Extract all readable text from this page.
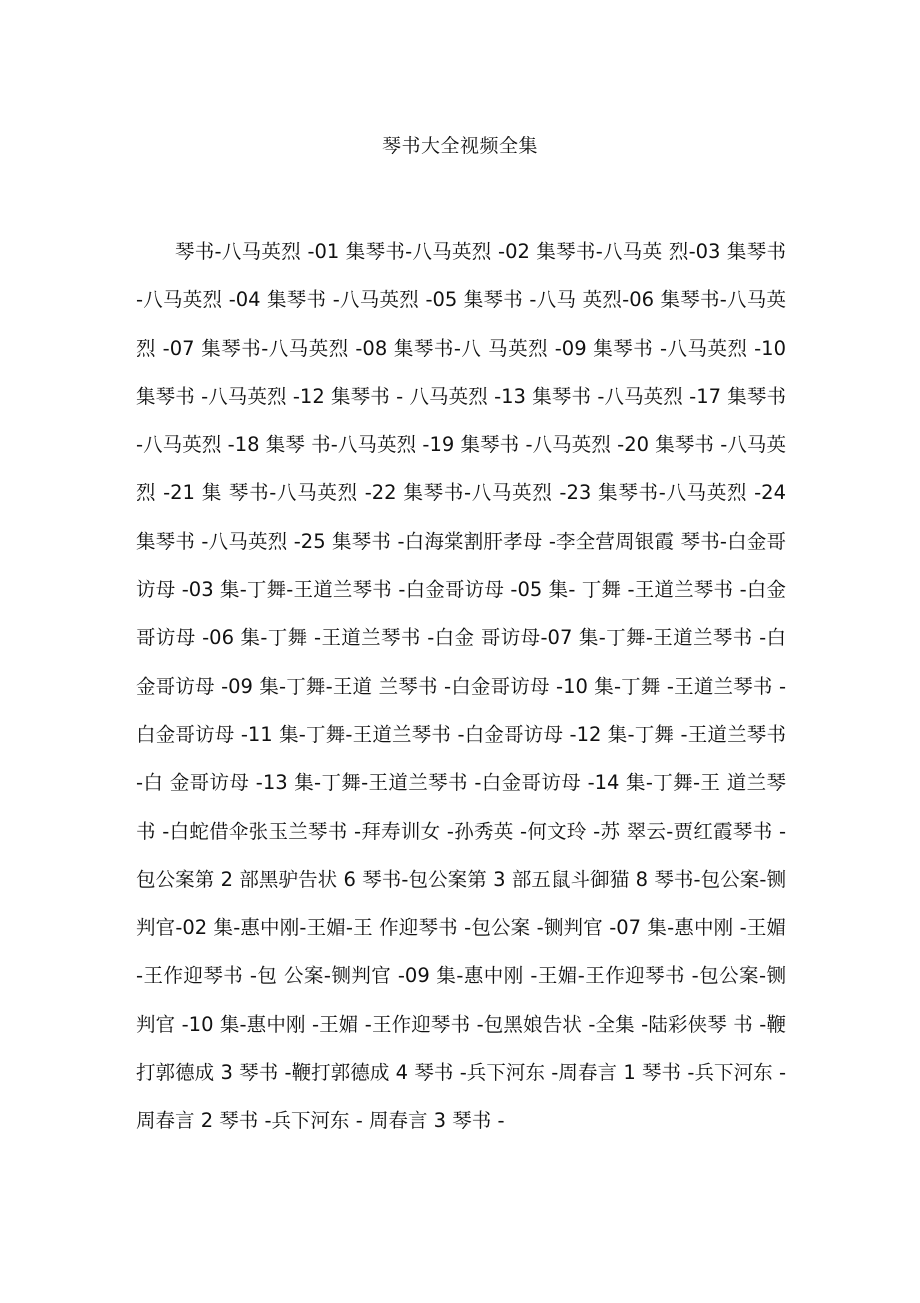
琴书大全视频全集

琴书-八马英烈 -01 集琴书-八马英烈 -02 集琴书-八马英 烈-03 集琴书 -八马英烈 -04 集琴书 -八马英烈 -05 集琴书 -八马 英烈-06 集琴书-八马英烈 -07 集琴书-八马英烈 -08 集琴书-八 马英烈 -09 集琴书 -八马英烈 -10 集琴书 -八马英烈 -12 集琴书 - 八马英烈 -13 集琴书 -八马英烈 -17 集琴书 -八马英烈 -18 集琴 书-八马英烈 -19 集琴书 -八马英烈 -20 集琴书 -八马英烈 -21 集 琴书-八马英烈 -22 集琴书-八马英烈 -23 集琴书-八马英烈 -24 集琴书 -八马英烈 -25 集琴书 -白海棠割肝孝母 -李全营周银霞 琴书-白金哥访母 -03 集-丁舞-王道兰琴书 -白金哥访母 -05 集- 丁舞 -王道兰琴书 -白金哥访母 -06 集-丁舞 -王道兰琴书 -白金 哥访母-07 集-丁舞-王道兰琴书 -白金哥访母 -09 集-丁舞-王道 兰琴书 -白金哥访母 -10 集-丁舞 -王道兰琴书 -白金哥访母 -11 集-丁舞-王道兰琴书 -白金哥访母 -12 集-丁舞 -王道兰琴书 -白 金哥访母 -13 集-丁舞-王道兰琴书 -白金哥访母 -14 集-丁舞-王 道兰琴书 -白蛇借伞张玉兰琴书 -拜寿训女 -孙秀英 -何文玲 -苏 翠云-贾红霞琴书 -包公案第 2 部黑驴告状 6 琴书-包公案第 3 部五鼠斗御猫 8 琴书-包公案-铡判官-02 集-惠中刚-王媚-王 作迎琴书 -包公案 -铡判官 -07 集-惠中刚 -王媚 -王作迎琴书 -包 公案-铡判官 -09 集-惠中刚 -王媚-王作迎琴书 -包公案-铡判官 -10 集-惠中刚 -王媚 -王作迎琴书 -包黑娘告状 -全集 -陆彩侠琴 书 -鞭打郭德成 3 琴书 -鞭打郭德成 4 琴书 -兵下河东 -周春言 1 琴书 -兵下河东 - 周春言 2 琴书 -兵下河东 - 周春言 3 琴书 -
